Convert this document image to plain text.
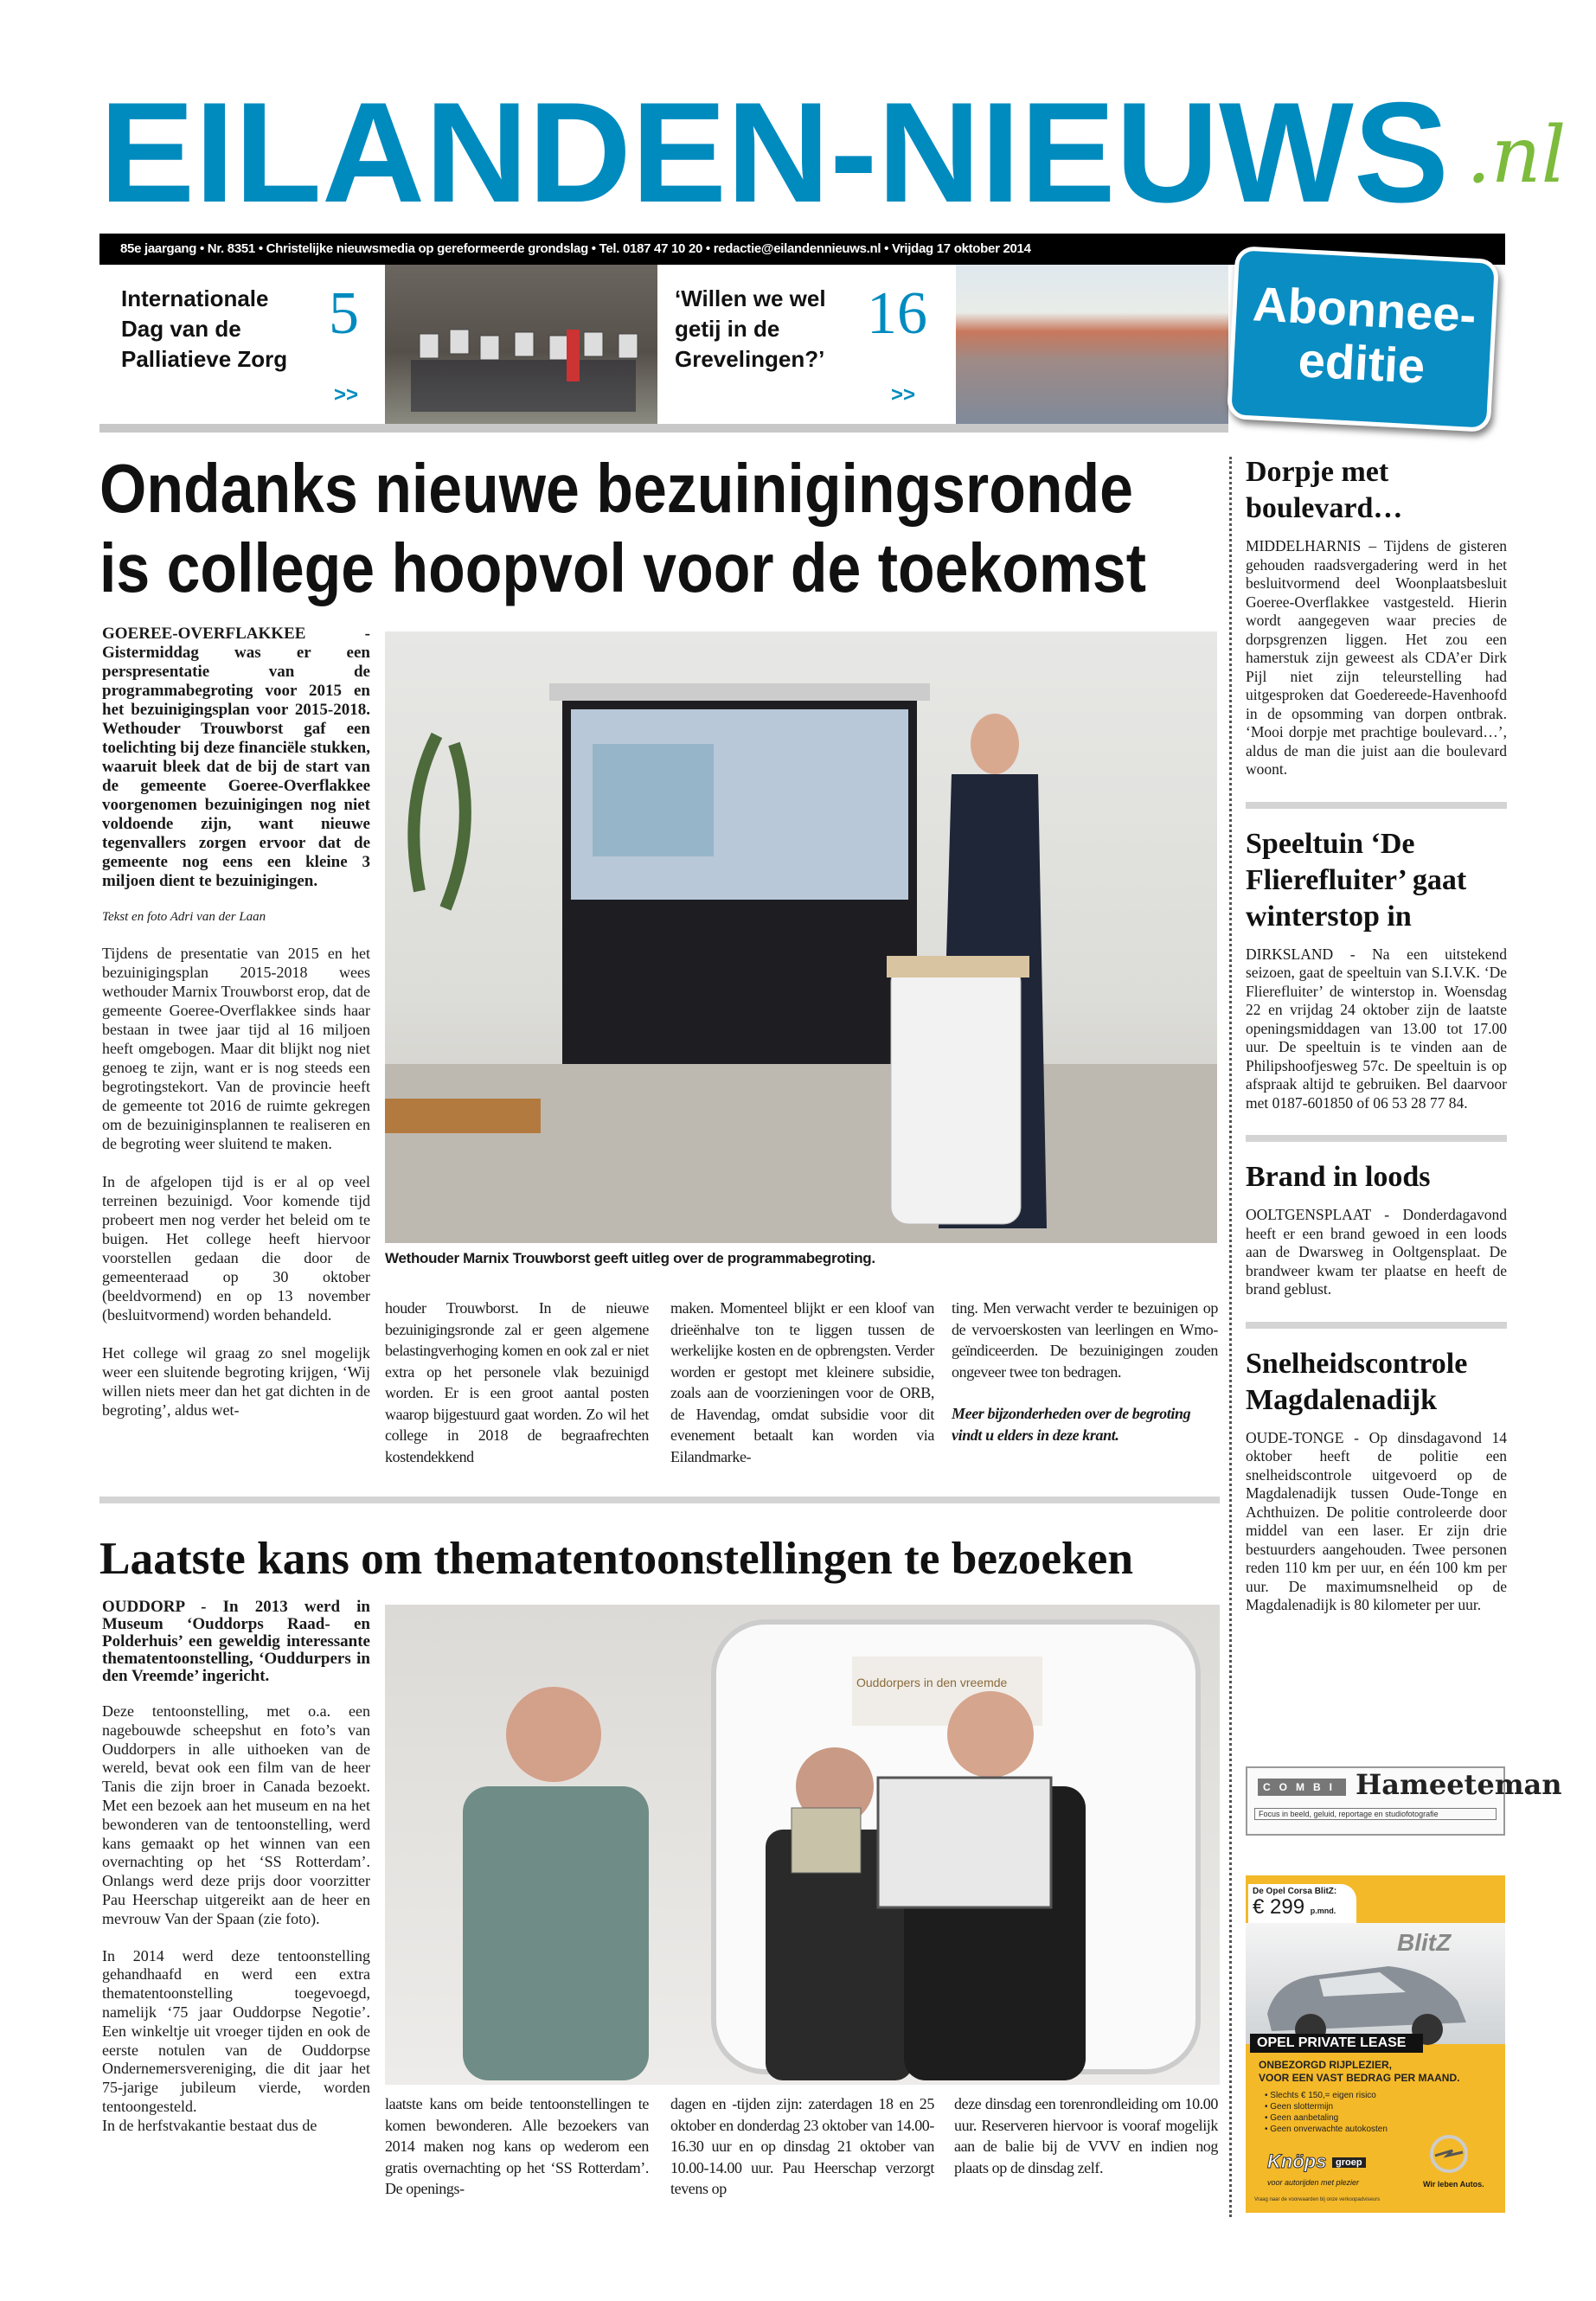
EILANDEN-NIEUWS .nl
85e jaargang • Nr. 8351 • Christelijke nieuwsmedia op gereformeerde grondslag • Tel. 0187 47 10 20 • redactie@eilandennieuws.nl • Vrijdag 17 oktober 2014
Internationale
Dag van de
Palliatieve Zorg
5
>>
‘Willen we wel
getij in de
Grevelingen?’
16
>>
Abonnee-
editie
Ondanks nieuwe bezuinigingsronde
is college hoopvol voor de toekomst
GOEREE-OVERFLAKKEE - Gistermiddag was er een perspresentatie van de programmabegroting voor 2015 en het bezuinigingsplan voor 2015-2018. Wethouder Trouwborst gaf een toelichting bij deze financiële stukken, waaruit bleek dat de bij de start van de gemeente Goeree-Overflakkee voorgenomen bezuinigingen nog niet voldoende zijn, want nieuwe tegenvallers zorgen ervoor dat de gemeente nog eens een kleine 3 miljoen dient te bezuinigingen.
Tekst en foto Adri van der Laan

Tijdens de presentatie van 2015 en het bezuinigingsplan 2015-2018 wees wethouder Marnix Trouwborst erop, dat de gemeente Goeree-Overflakkee sinds haar bestaan in twee jaar tijd al 16 miljoen heeft omgebogen. Maar dit blijkt nog niet genoeg te zijn, want er is nog steeds een begrotingstekort. Van de provincie heeft de gemeente tot 2016 de ruimte gekregen om de bezuiniginsplannen te realiseren en de begroting weer sluitend te maken.

In de afgelopen tijd is er al op veel terreinen bezuinigd. Voor komende tijd probeert men nog verder het beleid om te buigen. Het college heeft hiervoor voorstellen gedaan die door de gemeenteraad op 30 oktober (beeldvormend) en op 13 november (besluitvormend) worden behandeld.

Het college wil graag zo snel mogelijk weer een sluitende begroting krijgen, ‘Wij willen niets meer dan het gat dichten in de begroting’, aldus wet-

Wethouder Marnix Trouwborst geeft uitleg over de programmabegroting.
houder Trouwborst. In de nieuwe bezuinigingsronde zal er geen algemene belastingverhoging komen en ook zal er niet extra op het personele vlak bezuinigd worden. Er is een groot aantal posten waarop bijgestuurd gaat worden. Zo wil het college in 2018 de begraafrechten kostendekkend
maken. Momenteel blijkt er een kloof van drieënhalve ton te liggen tussen de werkelijke kosten en de opbrengsten. Verder worden er gestopt met kleinere subsidie, zoals aan de voorzieningen voor de ORB, de Havendag, omdat subsidie voor dit evenement betaalt kan worden via Eilandmarke-
ting. Men verwacht verder te bezuinigen op de vervoerskosten van leerlingen en Wmo-geïndiceerden. De bezuinigingen zouden ongeveer twee ton bedragen.
Meer bijzonderheden over de begroting vindt u elders in deze krant.
Laatste kans om thematentoonstellingen te bezoeken
OUDDORP - In 2013 werd in Museum ‘Ouddorps Raad- en Polderhuis’ een geweldig interessante thematentoonstelling, ‘Ouddurpers in den Vreemde’ ingericht.

Deze tentoonstelling, met o.a. een nagebouwde scheepshut en foto’s van Ouddorpers in alle uithoeken van de wereld, bevat ook een film van de heer Tanis die zijn broer in Canada bezoekt. Met een bezoek aan het museum en na het bewonderen van de tentoonstelling, werd kans gemaakt op het winnen van een overnachting op het ‘SS Rotterdam’. Onlangs werd deze prijs door voorzitter Pau Heerschap uitgereikt aan de heer en mevrouw Van der Spaan (zie foto).

In 2014 werd deze tentoonstelling gehandhaafd en werd een extra thematentoonstelling toegevoegd, namelijk ‘75 jaar Ouddorpse Negotie’. Een winkeltje uit vroeger tijden en ook de eerste notulen van de Ouddorpse Ondernemersvereniging, die dit jaar het 75-jarige jubileum vierde, worden tentoongesteld.

In de herfstvakantie bestaat dus de

Ouddorpers in den vreemde
laatste kans om beide tentoonstellingen te komen bewonderen. Alle bezoekers van 2014 maken nog kans op wederom een gratis overnachting op het ‘SS Rotterdam’. De openings-
dagen en -tijden zijn: zaterdagen 18 en 25 oktober en donderdag 23 oktober van 14.00-16.30 uur en op dinsdag 21 oktober van 10.00-14.00 uur. Pau Heerschap verzorgt tevens op
deze dinsdag een torenrondleiding om 10.00 uur. Reserveren hiervoor is vooraf mogelijk aan de balie bij de VVV en indien nog plaats op de dinsdag zelf.
Dorpje met boulevard…
MIDDELHARNIS – Tijdens de gisteren gehouden raadsvergadering werd in het besluitvormend deel Woonplaatsbesluit Goeree-Overflakkee vastgesteld. Hierin wordt aangegeven waar precies de dorpsgrenzen liggen. Het zou een hamerstuk zijn geweest als CDA’er Dirk Pijl niet zijn teleurstelling had uitgesproken dat Goedereede-Havenhoofd in de opsomming van dorpen ontbrak. ‘Mooi dorpje met prachtige boulevard…’, aldus de man die juist aan die boulevard woont.
Speeltuin ‘De Flierefluiter’ gaat winterstop in
DIRKSLAND - Na een uitstekend seizoen, gaat de speeltuin van S.I.V.K. ‘De Flierefluiter’ de winterstop in. Woensdag 22 en vrijdag 24 oktober zijn de laatste openingsmiddagen van 13.00 tot 17.00 uur. De speeltuin is te vinden aan de Philipshoofjesweg 57c. De speeltuin is op afspraak altijd te gebruiken. Bel daarvoor met 0187-601850 of 06 53 28 77 84.
Brand in loods
OOLTGENSPLAAT - Donderdagavond heeft er een brand gewoed in een loods aan de Dwarsweg in Ooltgensplaat. De brandweer kwam ter plaatse en heeft de brand geblust.
Snelheidscontrole Magdalenadijk
OUDE-TONGE - Op dinsdagavond 14 oktober heeft de politie een snelheidscontrole uitgevoerd op de Magdalenadijk tussen Oude-Tonge en Achthuizen. De politie controleerde door middel van een laser. Er zijn drie bestuurders aangehouden. Twee personen reden 110 km per uur, en één 100 km per uur. De maximumsnelheid op de Magdalenadijk is 80 kilometer per uur.
COMBI Hameeteman
Focus in beeld, geluid, reportage en studiofotografie
BlitZ
De Opel Corsa BlitZ:
€ 299 p.mnd.
OPEL PRIVATE LEASE
ONBEZORGD RIJPLEZIER,
VOOR EEN VAST BEDRAG PER MAAND.
• Slechts € 150,= eigen risico
• Geen slottermijn
• Geen aanbetaling
• Geen onverwachte autokosten
Knöps groep
voor autorijden met plezier
Vraag naar de voorwaarden bij onze verkoopadviseurs
Wir leben Autos.
